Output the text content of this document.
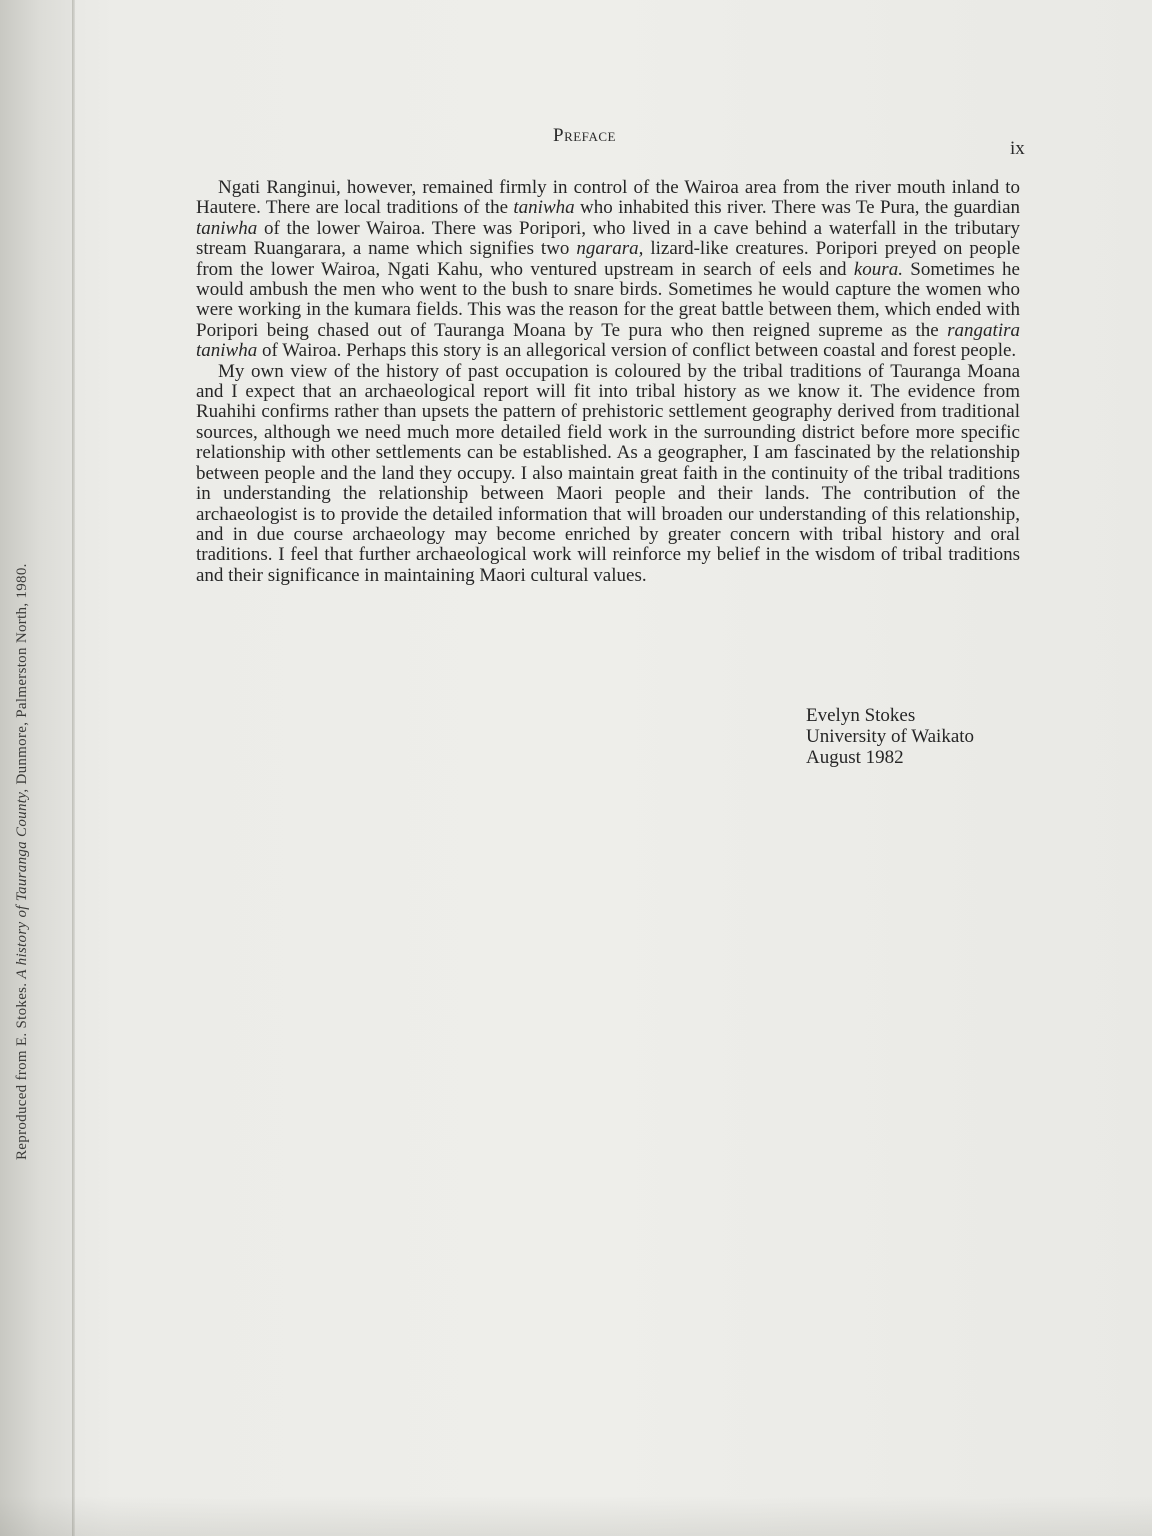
Reproduced from E. Stokes. A history of Tauranga County, Dunmore, Palmerston North, 1980.
Preface
ix

Ngati Ranginui, however, remained firmly in control of the Wairoa area from the river mouth inland to Hautere. There are local traditions of the taniwha who inhabited this river. There was Te Pura, the guardian taniwha of the lower Wairoa. There was Poripori, who lived in a cave behind a waterfall in the tributary stream Ruangarara, a name which signifies two ngarara, lizard-like creatures. Poripori preyed on people from the lower Wairoa, Ngati Kahu, who ventured upstream in search of eels and koura. Sometimes he would ambush the men who went to the bush to snare birds. Sometimes he would capture the women who were working in the kumara fields. This was the reason for the great battle between them, which ended with Poripori being chased out of Tauranga Moana by Te pura who then reigned supreme as the rangatira taniwha of Wairoa. Perhaps this story is an allegorical version of conflict between coastal and forest people.

My own view of the history of past occupation is coloured by the tribal traditions of Tauranga Moana and I expect that an archaeological report will fit into tribal history as we know it. The evidence from Ruahihi confirms rather than upsets the pattern of prehistoric settlement geography derived from traditional sources, although we need much more detailed field work in the surrounding district before more specific relationship with other settlements can be established. As a geographer, I am fascinated by the relationship between people and the land they occupy. I also maintain great faith in the continuity of the tribal traditions in understanding the relationship between Maori people and their lands. The contribution of the archaeologist is to provide the detailed information that will broaden our understanding of this relationship, and in due course archaeology may become enriched by greater concern with tribal history and oral traditions. I feel that further archaeological work will reinforce my belief in the wisdom of tribal traditions and their significance in maintaining Maori cultural values.

Evelyn Stokes
University of Waikato
August 1982
